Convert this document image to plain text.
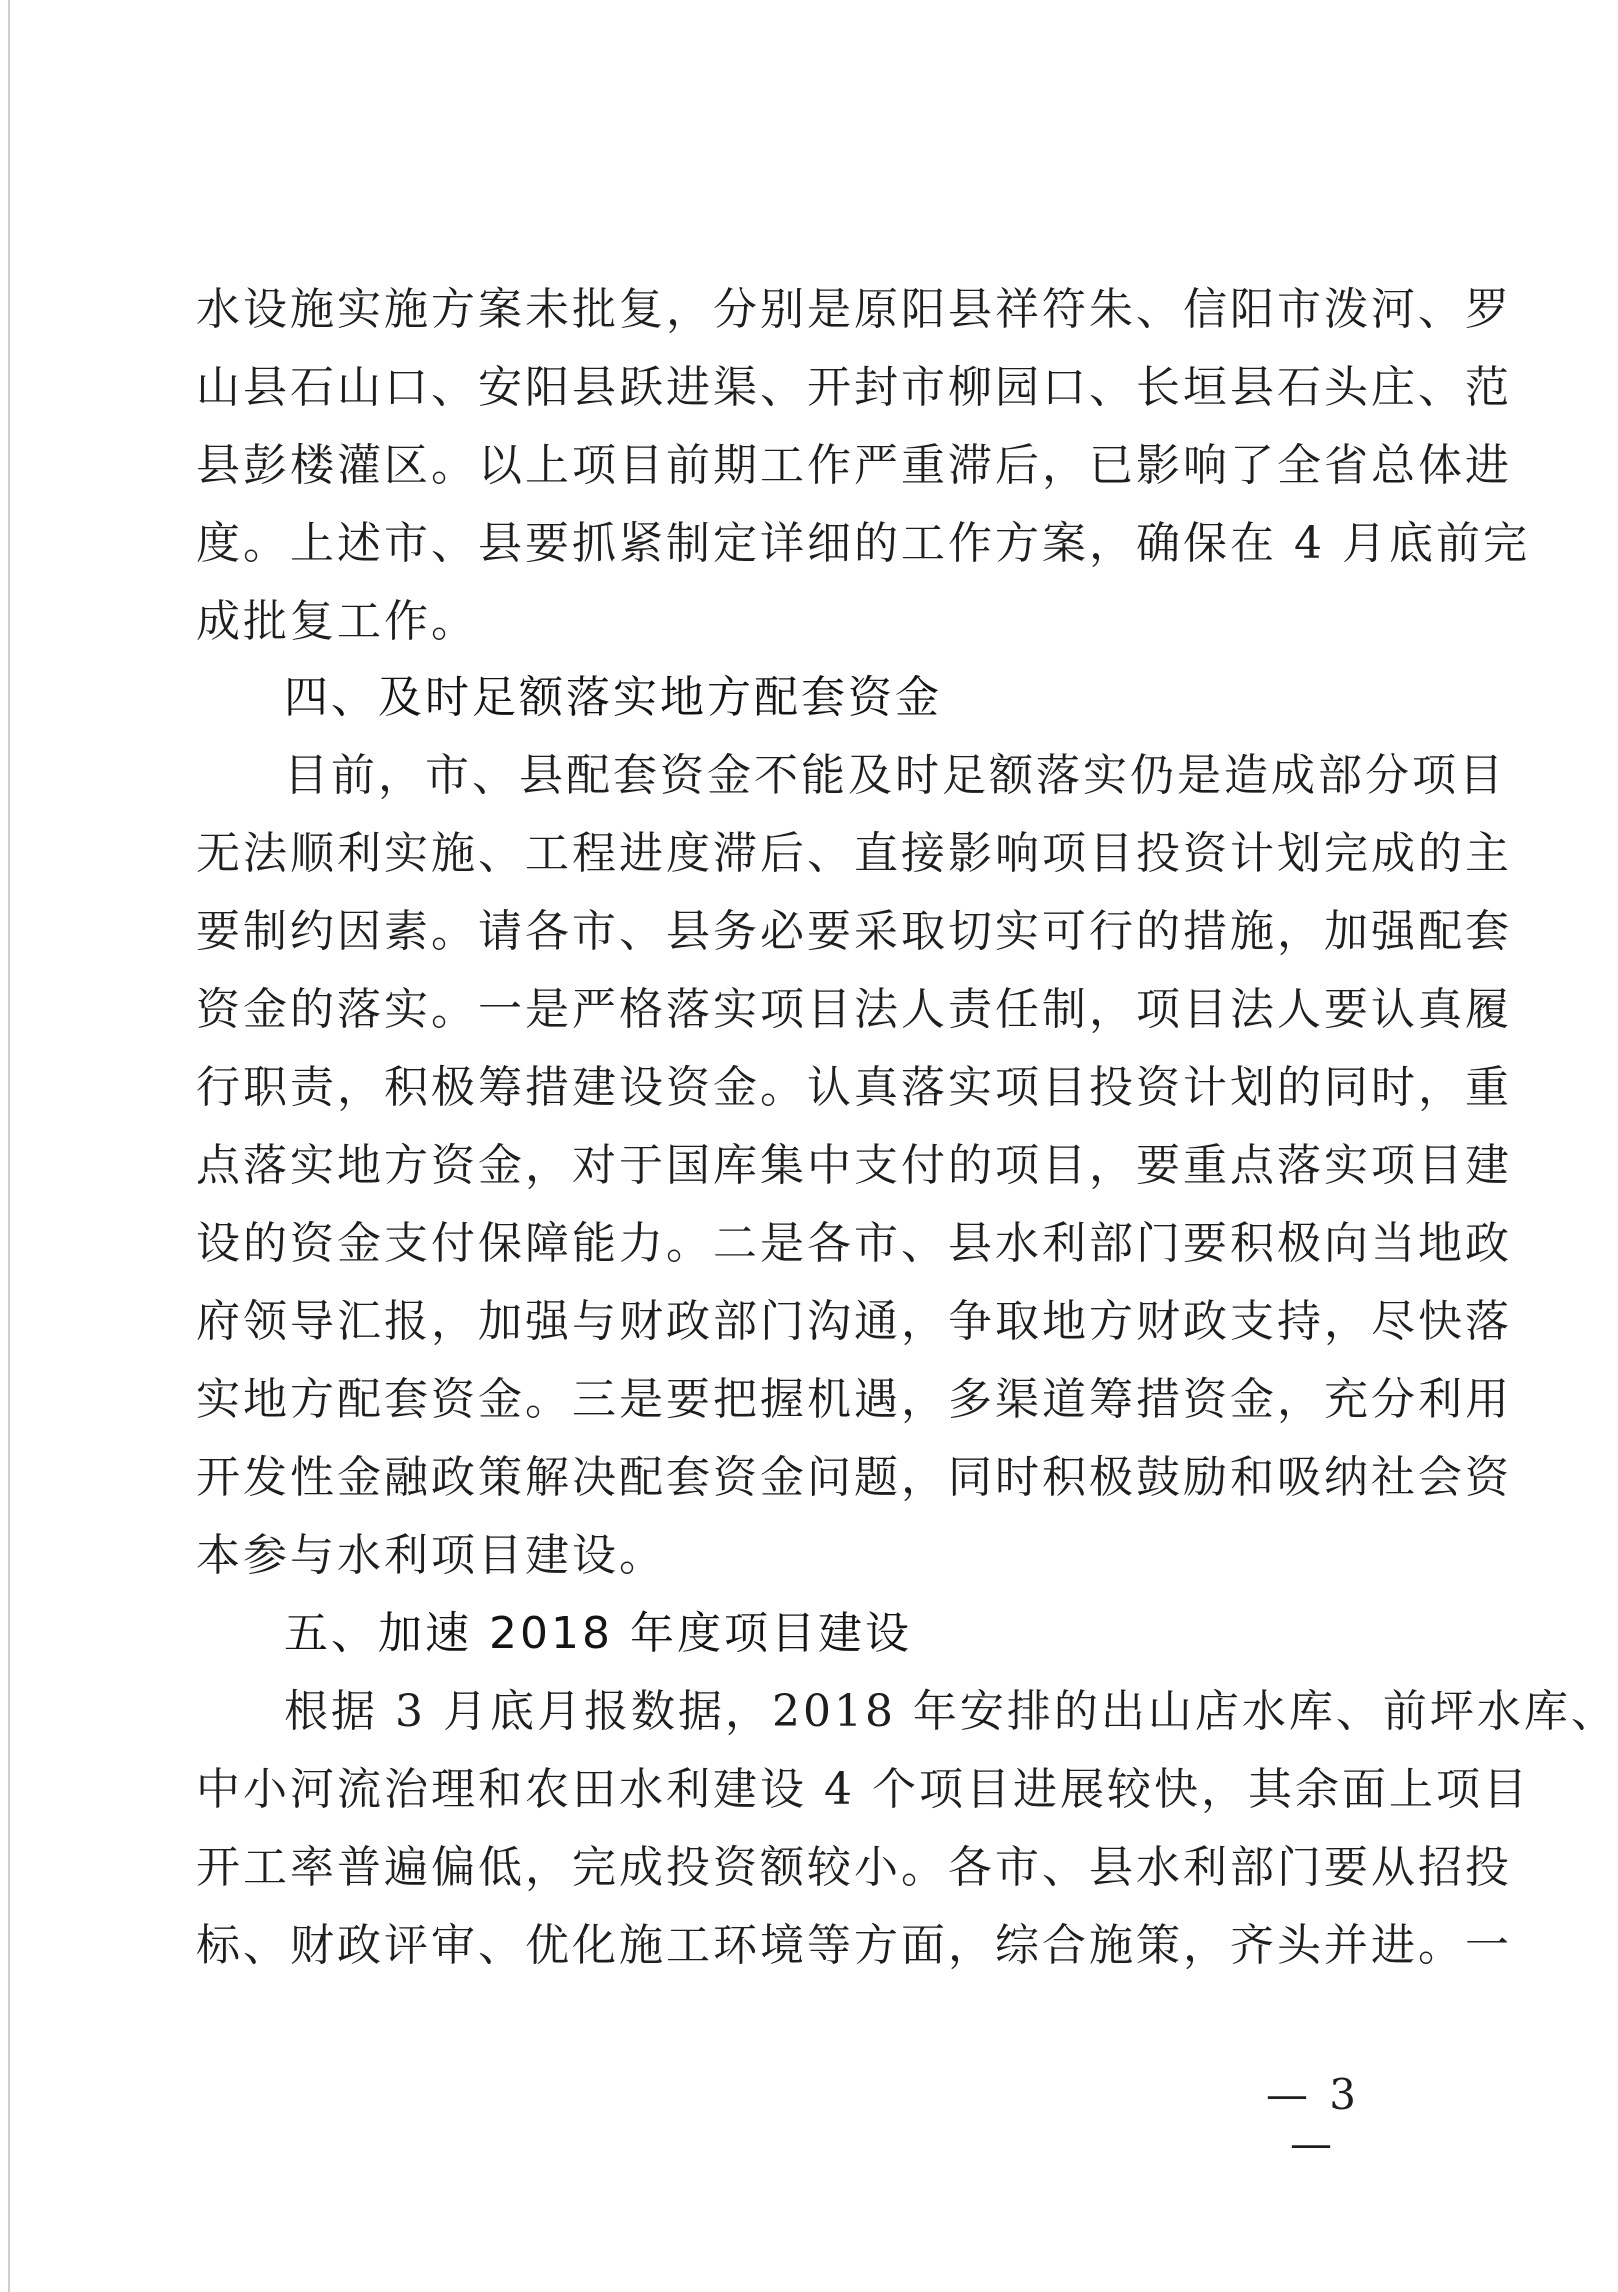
水设施实施方案未批复，分别是原阳县祥符朱、信阳市泼河、罗
山县石山口、安阳县跃进渠、开封市柳园口、长垣县石头庄、范
县彭楼灌区。以上项目前期工作严重滞后，已影响了全省总体进
度。上述市、县要抓紧制定详细的工作方案，确保在 4 月底前完
成批复工作。
四、及时足额落实地方配套资金
目前，市、县配套资金不能及时足额落实仍是造成部分项目
无法顺利实施、工程进度滞后、直接影响项目投资计划完成的主
要制约因素。请各市、县务必要采取切实可行的措施，加强配套
资金的落实。一是严格落实项目法人责任制，项目法人要认真履
行职责，积极筹措建设资金。认真落实项目投资计划的同时，重
点落实地方资金，对于国库集中支付的项目，要重点落实项目建
设的资金支付保障能力。二是各市、县水利部门要积极向当地政
府领导汇报，加强与财政部门沟通，争取地方财政支持，尽快落
实地方配套资金。三是要把握机遇，多渠道筹措资金，充分利用
开发性金融政策解决配套资金问题，同时积极鼓励和吸纳社会资
本参与水利项目建设。
五、加速 2018 年度项目建设
根据 3 月底月报数据，2018 年安排的出山店水库、前坪水库、
中小河流治理和农田水利建设 4 个项目进展较快，其余面上项目
开工率普遍偏低，完成投资额较小。各市、县水利部门要从招投
标、财政评审、优化施工环境等方面，综合施策，齐头并进。一
— 3 —
